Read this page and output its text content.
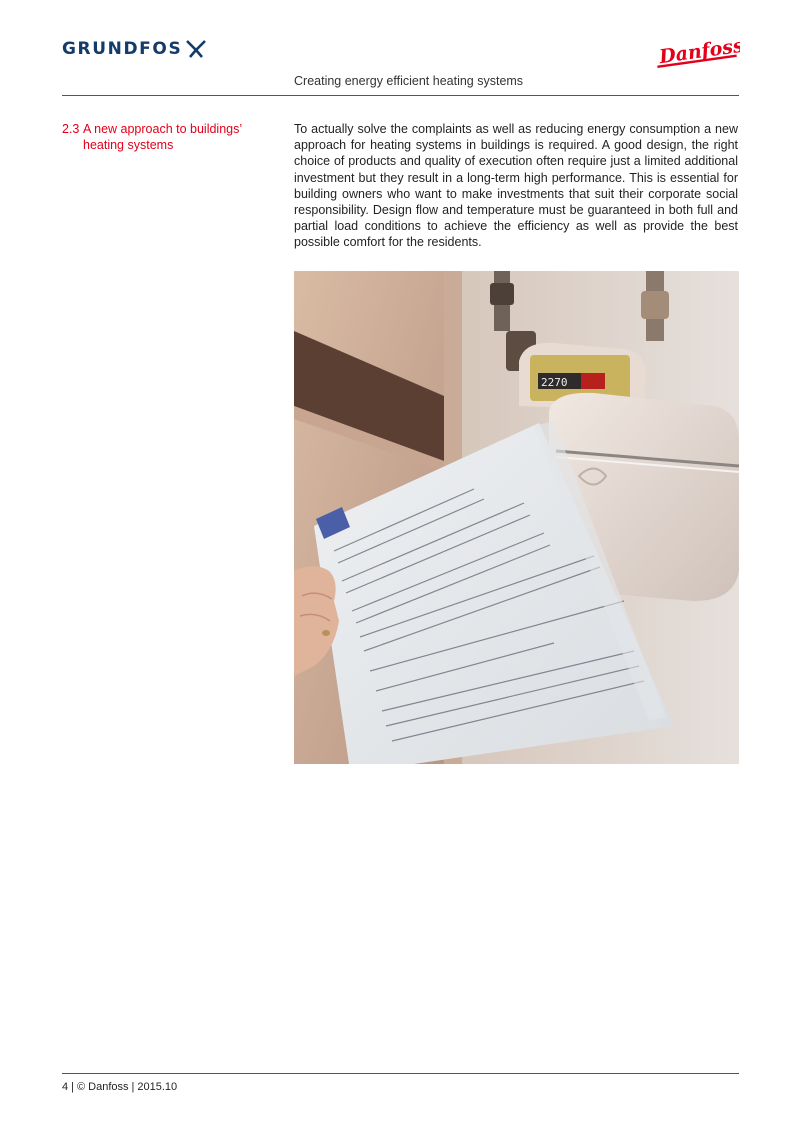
GRUNDFOS	Danfoss
Creating energy efficient heating systems
2.3 A new approach to buildings’ heating systems

To actually solve the complaints as well as reducing energy consumption a new approach for heating systems in buildings is required. A good design, the right choice of products and quality of execution often require just a limited additional investment but they result in a long-term high performance. This is essential for building owners who want to make investments that suit their corporate social responsibility. Design flow and temperature must be guaranteed in both full and partial load conditions to achieve the efficiency as well as provide the best possible comfort for the residents.

2270
4 | © Danfoss | 2015.10
